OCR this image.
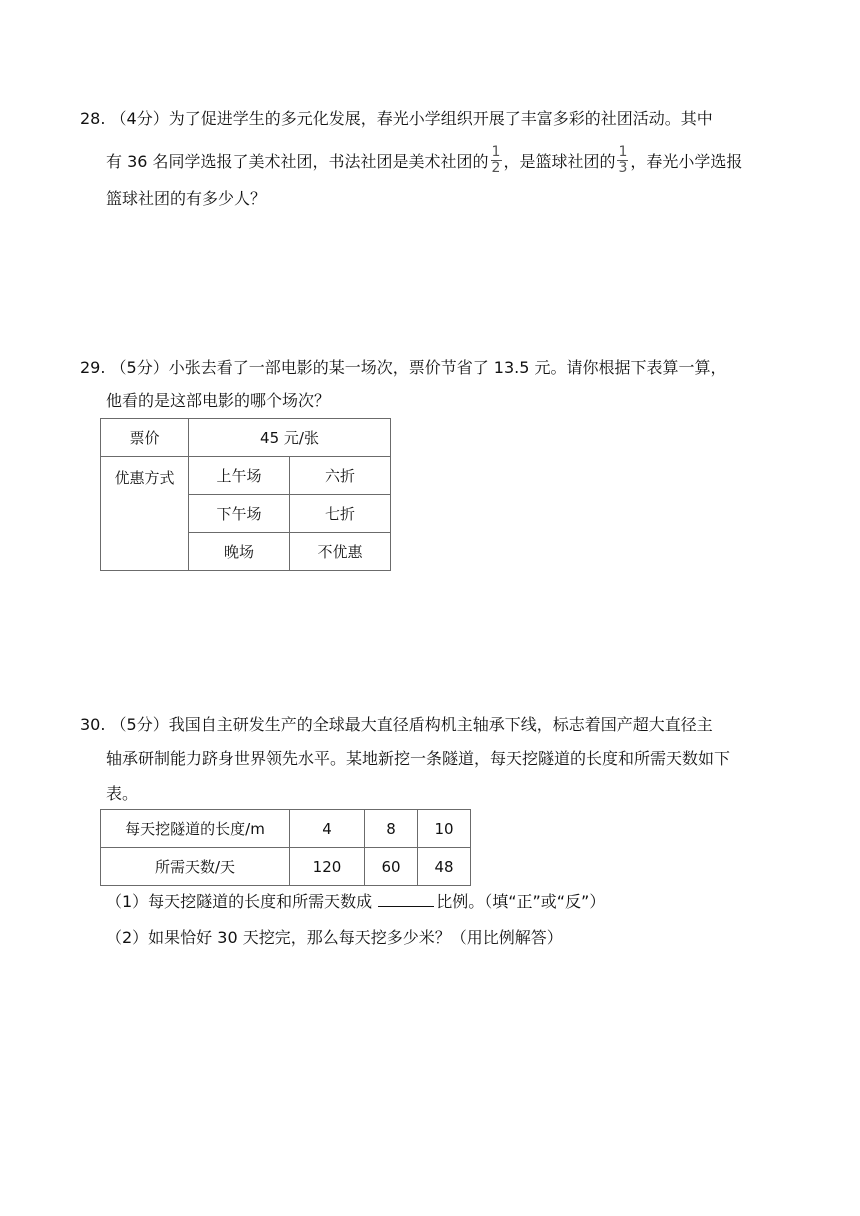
28. （4分）为了促进学生的多元化发展，春光小学组织开展了丰富多彩的社团活动。其中
有 36 名同学选报了美术社团，书法社团是美术社团的 $\frac{1}{2}$ ，是篮球社团的 $\frac{1}{3}$ ，春光小学选报
篮球社团的有多少人？
29. （5分）小张去看了一部电影的某一场次，票价节省了 13.5 元。请你根据下表算一算，
他看的是这部电影的哪个场次？
票价	45 元/张	
优惠方式	上午场	六折
	下午场	七折
	晚场	不优惠
30. （5分）我国自主研发生产的全球最大直径盾构机主轴承下线，标志着国产超大直径主
轴承研制能力跻身世界领先水平。某地新挖一条隧道，每天挖隧道的长度和所需天数如下
表。
每天挖隧道的长度/m	4	8	10
所需天数/天	120	60	48
（1）每天挖隧道的长度和所需天数成	比例。（填“正”或“反”）
（2）如果恰好 30 天挖完，那么每天挖多少米？（用比例解答）
